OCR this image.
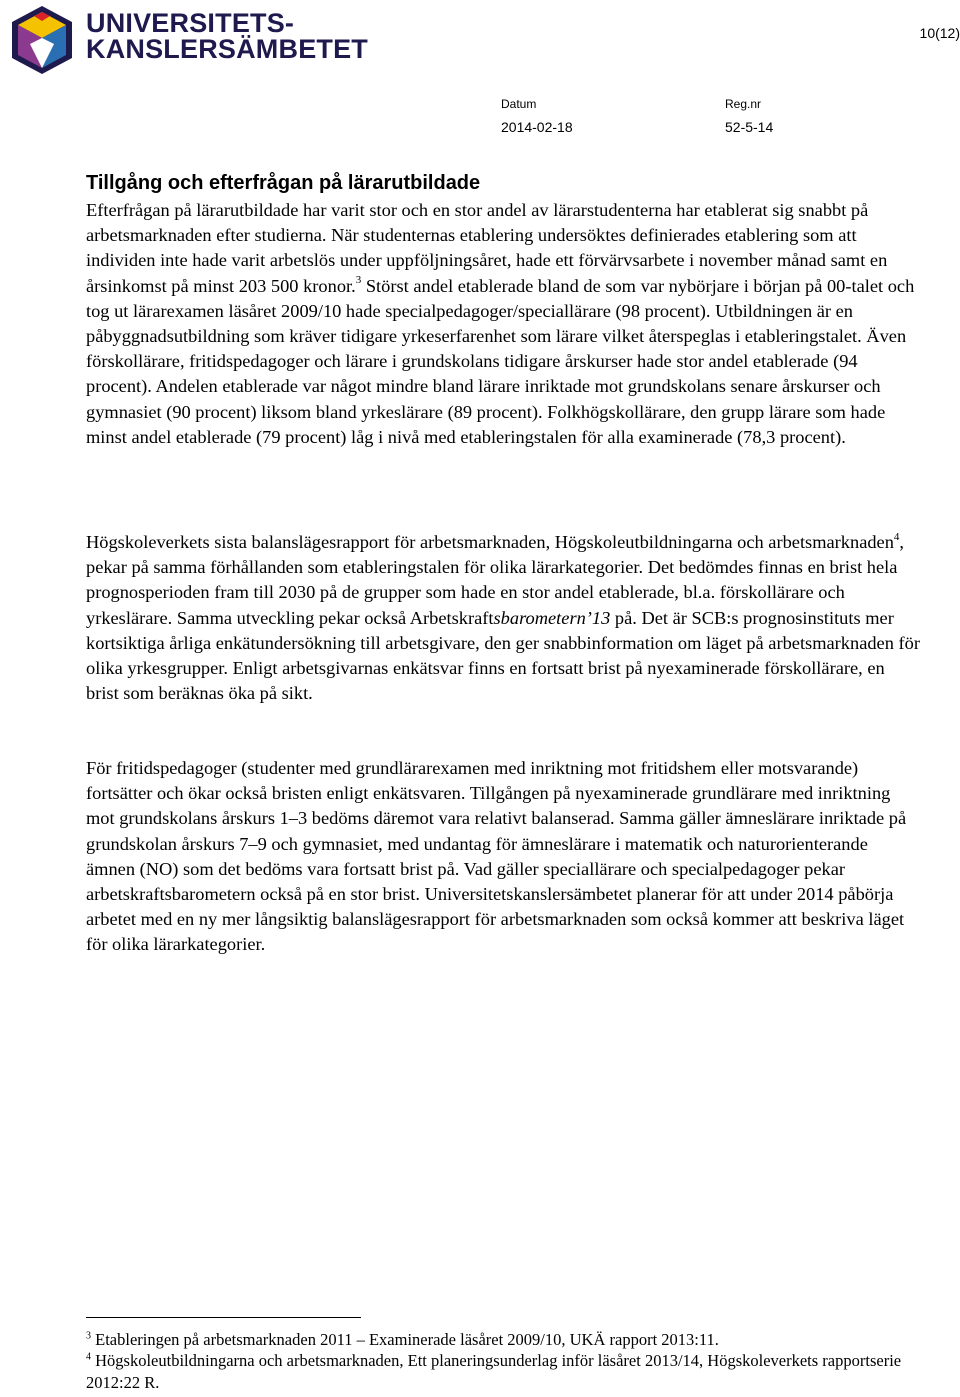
UNIVERSITETS-
KANSLERSÄMBETET
10(12)
Datum	Reg.nr
2014-02-18	52-5-14
Tillgång och efterfrågan på lärarutbildade

Efterfrågan på lärarutbildade har varit stor och en stor andel av lärarstudenterna har etablerat sig snabbt på arbetsmarknaden efter studierna. När studenternas etablering undersöktes definierades etablering som att individen inte hade varit arbetslös under uppföljningsåret, hade ett förvärvsarbete i november månad samt en årsinkomst på minst 203 500 kronor.$^3$ Störst andel etablerade bland de som var nybörjare i början på 00-talet och tog ut lärarexamen läsåret 2009/10 hade specialpedagoger/speciallärare (98 procent). Utbildningen är en påbyggnadsutbildning som kräver tidigare yrkeserfarenhet som lärare vilket återspeglas i etableringstalet. Även förskollärare, fritidspedagoger och lärare i grundskolans tidigare årskurser hade stor andel etablerade (94 procent). Andelen etablerade var något mindre bland lärare inriktade mot grundskolans senare årskurser och gymnasiet (90 procent) liksom bland yrkeslärare (89 procent). Folkhögskollärare, den grupp lärare som hade minst andel etablerade (79 procent) låg i nivå med etableringstalen för alla examinerade (78,3 procent).

Högskoleverkets sista balanslägesrapport för arbetsmarknaden, Högskoleutbildningarna och arbetsmarknaden$^4$, pekar på samma förhållanden som etableringstalen för olika lärarkategorier. Det bedömdes finnas en brist hela prognosperioden fram till 2030 på de grupper som hade en stor andel etablerade, bl.a. förskollärare och yrkeslärare. Samma utveckling pekar också Arbetskraftsbarometern’13 på. Det är SCB:s prognosinstituts mer kortsiktiga årliga enkätundersökning till arbetsgivare, den ger snabbinformation om läget på arbetsmarknaden för olika yrkesgrupper. Enligt arbetsgivarnas enkätsvar finns en fortsatt brist på nyexaminerade förskollärare, en brist som beräknas öka på sikt.

För fritidspedagoger (studenter med grundlärarexamen med inriktning mot fritidshem eller motsvarande) fortsätter och ökar också bristen enligt enkätsvaren. Tillgången på nyexaminerade grundlärare med inriktning mot grundskolans årskurs 1–3 bedöms däremot vara relativt balanserad. Samma gäller ämneslärare inriktade på grundskolan årskurs 7–9 och gymnasiet, med undantag för ämneslärare i matematik och naturorienterande ämnen (NO) som det bedöms vara fortsatt brist på. Vad gäller speciallärare och specialpedagoger pekar arbetskraftsbarometern också på en stor brist. Universitetskanslersämbetet planerar för att under 2014 påbörja arbetet med en ny mer långsiktig balanslägesrapport för arbetsmarknaden som också kommer att beskriva läget för olika lärarkategorier.

$^3$ Etableringen på arbetsmarknaden 2011 – Examinerade läsåret 2009/10, UKÄ rapport 2013:11.

$^4$ Högskoleutbildningarna och arbetsmarknaden, Ett planeringsunderlag inför läsåret 2013/14, Högskoleverkets rapportserie 2012:22 R.
